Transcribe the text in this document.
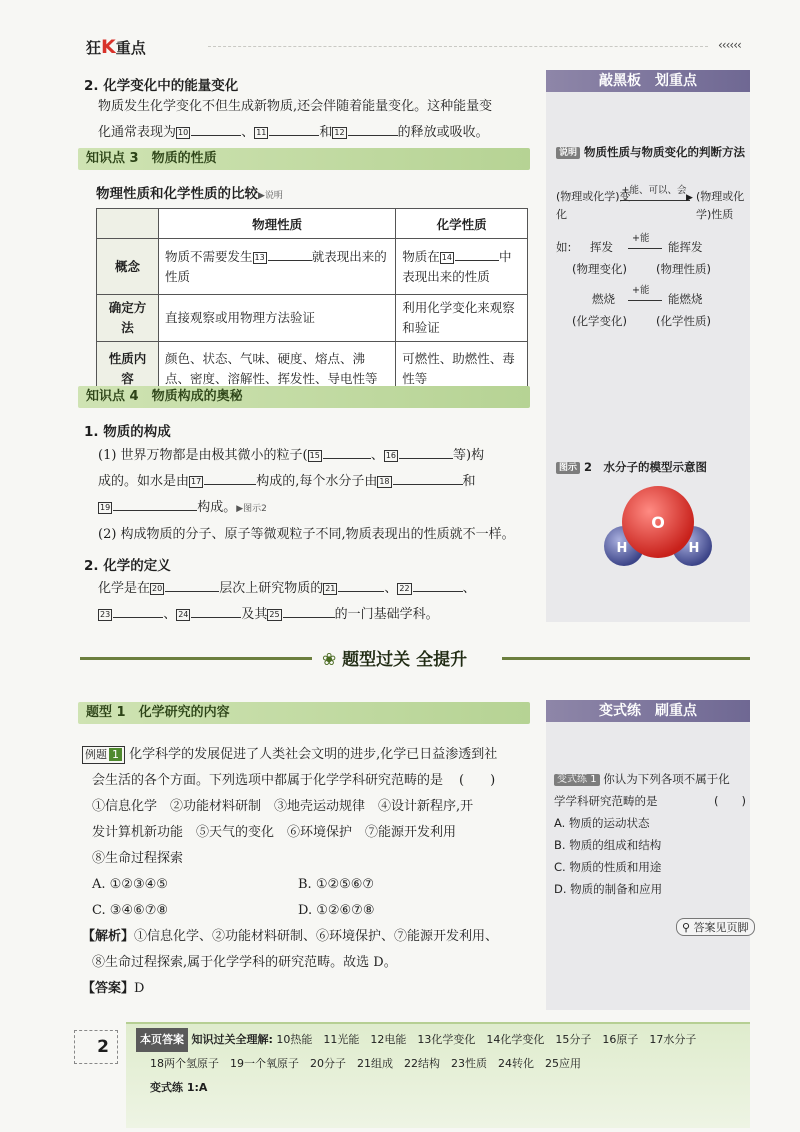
狂K重点	‹‹‹‹‹‹
2. 化学变化中的能量变化
物质发生化学变化不但生成新物质,还会伴随着能量变化。这种能量变
化通常表现为 10	、 11	和 12	的释放或吸收。
知识点 3　物质的性质
物理性质和化学性质的比较▶说明
	物理性质	化学性质
概念	物质不需要发生 13 就表现出来的性质	物质在 14 中表现出来的性质
确定方法	直接观察或用物理方法验证	利用化学变化来观察和验证
性质内容	颜色、状态、气味、硬度、熔点、沸点、密度、溶解性、挥发性、导电性等	可燃性、助燃性、毒性等
知识点 4　物质构成的奥秘
1. 物质的构成
(1) 世界万物都是由极其微小的粒子( 15	、 16	等)构
成的。如水是由 17	构成的,每个水分子由 18	和
19	构成。▶图示2
(2) 构成物质的分子、原子等微观粒子不同,物质表现出的性质就不一样。
2. 化学的定义
化学是在 20	层次上研究物质的 21	、 22	、
23	、 24	及其 25	的一门基础学科。
敲黑板　划重点
说明 物质性质与物质变化的判断方法
(物理或化学)变化
+能、可以、会
▶ (物理或化学)性质
如: 挥发
+能
能挥发
(物理变化)	(物理性质)
燃烧
+能
能燃烧
(化学变化)	(化学性质)
图示 2　水分子的模型示意图
O
H	H
❀ 题型过关 全提升
题型 1　化学研究的内容
例题 1 化学科学的发展促进了人类社会文明的进步,化学已日益渗透到社
会生活的各个方面。下列选项中都属于化学学科研究范畴的是 (　　)
①信息化学　②功能材料研制　③地壳运动规律　④设计新程序,开
发计算机新功能　⑤天气的变化　⑥环境保护　⑦能源开发利用
⑧生命过程探索
A. ①②③④⑤	B. ①②⑤⑥⑦
C. ③④⑥⑦⑧	D. ①②⑥⑦⑧
【解析】①信息化学、②功能材料研制、⑥环境保护、⑦能源开发利用、
⑧生命过程探索,属于化学学科的研究范畴。故选 D。
【答案】D
变式练　刷重点
变式练 1 你认为下列各项不属于化
学学科研究范畴的是	(　　)
A. 物质的运动状态
B. 物质的组成和结构
C. 物质的性质和用途
D. 物质的制备和应用
⚲ 答案见页脚
2	本页答案 知识过关全理解: 10热能　11光能　12电能　13化学变化　14化学变化　15分子　16原子　17水分子
18两个氢原子　19一个氧原子　20分子　21组成　22结构　23性质　24转化　25应用
变式练 1:A
